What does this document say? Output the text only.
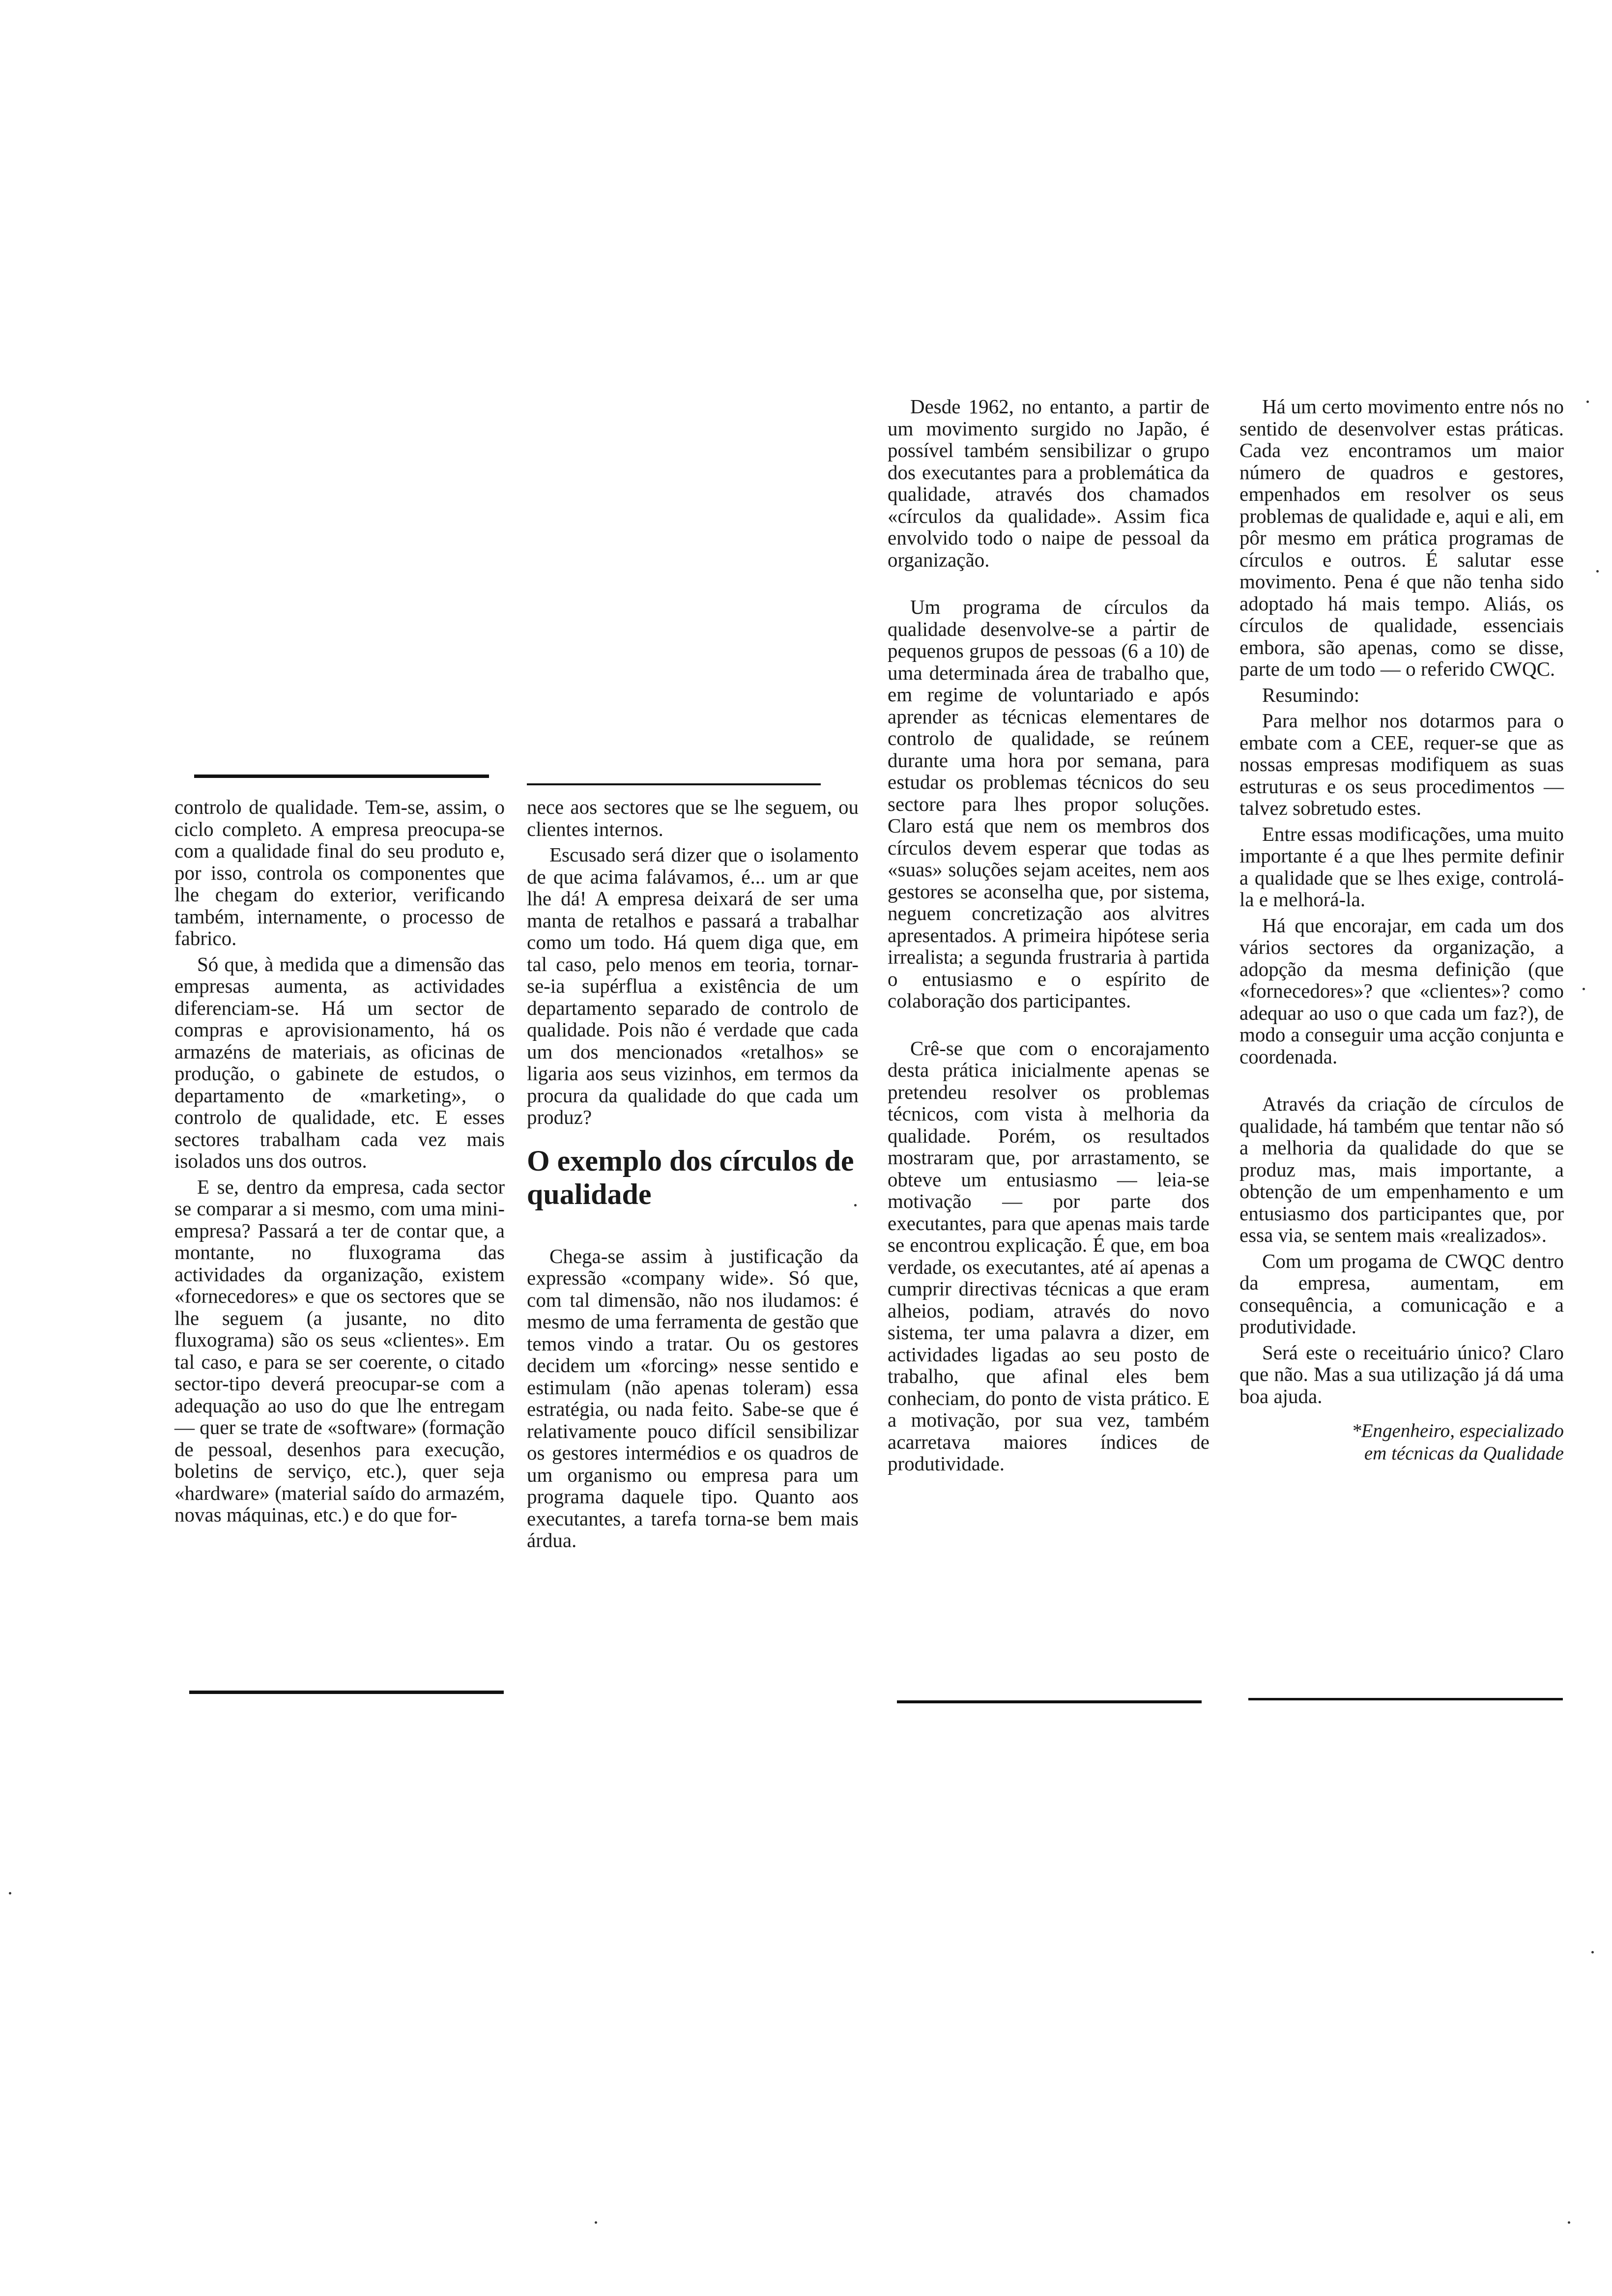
controlo de qualidade. Tem-se, assim, o ciclo completo. A empresa preocupa-se com a qualidade final do seu produto e, por isso, controla os componentes que lhe chegam do exterior, verificando também, internamente, o processo de fabrico.

Só que, à medida que a dimensão das empresas aumenta, as actividades diferenciam-se. Há um sector de compras e aprovisionamento, há os armazéns de materiais, as oficinas de produção, o gabinete de estudos, o departamento de «marketing», o controlo de qualidade, etc. E esses sectores trabalham cada vez mais isolados uns dos outros.

E se, dentro da empresa, cada sector se comparar a si mesmo, com uma mini-empresa? Passará a ter de contar que, a montante, no fluxograma das actividades da organização, existem «fornecedores» e que os sectores que se lhe seguem (a jusante, no dito fluxograma) são os seus «clientes». Em tal caso, e para se ser coerente, o citado sector-tipo deverá preocupar-se com a adequação ao uso do que lhe entregam — quer se trate de «software» (formação de pessoal, desenhos para execução, boletins de serviço, etc.), quer seja «hardware» (material saído do armazém, novas máquinas, etc.) e do que for-

nece aos sectores que se lhe seguem, ou clientes internos.

Escusado será dizer que o isolamento de que acima falávamos, é... um ar que lhe dá! A empresa deixará de ser uma manta de retalhos e passará a trabalhar como um todo. Há quem diga que, em tal caso, pelo menos em teoria, tornar-se-ia supérflua a existência de um departamento separado de controlo de qualidade. Pois não é verdade que cada um dos mencionados «retalhos» se ligaria aos seus vizinhos, em termos da procura da qualidade do que cada um produz?

O exemplo dos círculos de qualidade

Chega-se assim à justificação da expressão «company wide». Só que, com tal dimensão, não nos iludamos: é mesmo de uma ferramenta de gestão que temos vindo a tratar. Ou os gestores decidem um «forcing» nesse sentido e estimulam (não apenas toleram) essa estratégia, ou nada feito. Sabe-se que é relativamente pouco difícil sensibilizar os gestores intermédios e os quadros de um organismo ou empresa para um programa daquele tipo. Quanto aos executantes, a tarefa torna-se bem mais árdua.

Desde 1962, no entanto, a partir de um movimento surgido no Japão, é possível também sensibilizar o grupo dos executantes para a problemática da qualidade, através dos chamados «círculos da qualidade». Assim fica envolvido todo o naipe de pessoal da organização.

Um programa de círculos da qualidade desenvolve-se a partir de pequenos grupos de pessoas (6 a 10) de uma determinada área de trabalho que, em regime de voluntariado e após aprender as técnicas elementares de controlo de qualidade, se reúnem durante uma hora por semana, para estudar os problemas técnicos do seu sectore para lhes propor soluções. Claro está que nem os membros dos círculos devem esperar que todas as «suas» soluções sejam aceites, nem aos gestores se aconselha que, por sistema, neguem concretização aos alvitres apresentados. A primeira hipótese seria irrealista; a segunda frustraria à partida o entusiasmo e o espírito de colaboração dos participantes.

Crê-se que com o encorajamento desta prática inicialmente apenas se pretendeu resolver os problemas técnicos, com vista à melhoria da qualidade. Porém, os resultados mostraram que, por arrastamento, se obteve um entusiasmo — leia-se motivação — por parte dos executantes, para que apenas mais tarde se encontrou explicação. É que, em boa verdade, os executantes, até aí apenas a cumprir directivas técnicas a que eram alheios, podiam, através do novo sistema, ter uma palavra a dizer, em actividades ligadas ao seu posto de trabalho, que afinal eles bem conheciam, do ponto de vista prático. E a motivação, por sua vez, também acarretava maiores índices de produtividade.

Há um certo movimento entre nós no sentido de desenvolver estas práticas. Cada vez encontramos um maior número de quadros e gestores, empenhados em resolver os seus problemas de qualidade e, aqui e ali, em pôr mesmo em prática programas de círculos e outros. É salutar esse movimento. Pena é que não tenha sido adoptado há mais tempo. Aliás, os círculos de qualidade, essenciais embora, são apenas, como se disse, parte de um todo — o referido CWQC.

Resumindo:

Para melhor nos dotarmos para o embate com a CEE, requer-se que as nossas empresas modifiquem as suas estruturas e os seus procedimentos — talvez sobretudo estes.

Entre essas modificações, uma muito importante é a que lhes permite definir a qualidade que se lhes exige, controlá-la e melhorá-la.

Há que encorajar, em cada um dos vários sectores da organização, a adopção da mesma definição (que «fornecedores»? que «clientes»? como adequar ao uso o que cada um faz?), de modo a conseguir uma acção conjunta e coordenada.

Através da criação de círculos de qualidade, há também que tentar não só a melhoria da qualidade do que se produz mas, mais importante, a obtenção de um empenhamento e um entusiasmo dos participantes que, por essa via, se sentem mais «realizados».

Com um progama de CWQC dentro da empresa, aumentam, em consequência, a comunicação e a produtividade.

Será este o receituário único? Claro que não. Mas a sua utilização já dá uma boa ajuda.

*Engenheiro, especializado
em técnicas da Qualidade
